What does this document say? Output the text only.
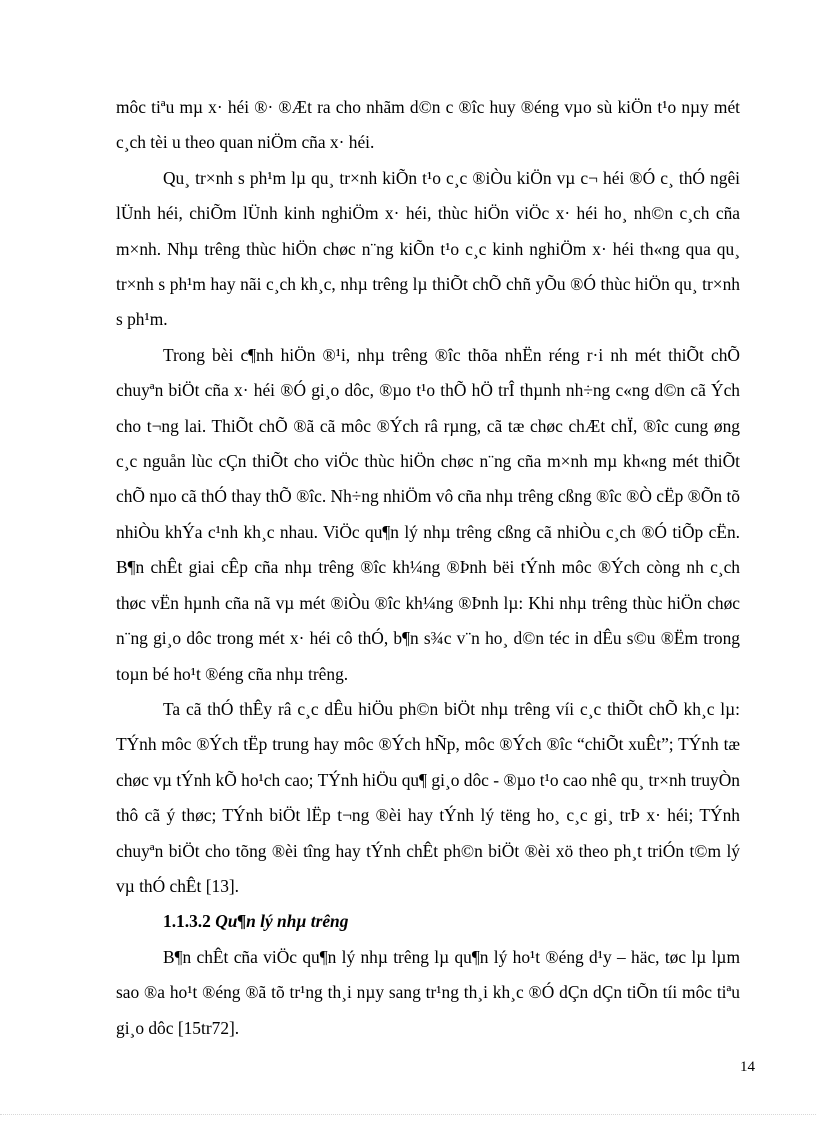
môc tiªu mµ x· héi ®· ®Æt ra cho nhãm d©n c ®îc huy ®éng vµo sù kiÖn t¹o nµy mét c¸ch tèi u theo quan niÖm cña x· héi.

Qu¸ tr×nh s ph¹m lµ qu¸ tr×nh kiÕn t¹o c¸c ®iÒu kiÖn vµ c¬ héi ®Ó c¸ thÓ ngêi lÜnh héi, chiÕm lÜnh kinh nghiÖm x· héi, thùc hiÖn viÖc x· héi ho¸ nh©n c¸ch cña m×nh. Nhµ trêng thùc hiÖn chøc n¨ng kiÕn t¹o c¸c kinh nghiÖm x· héi th«ng qua qu¸ tr×nh s ph¹m hay nãi c¸ch kh¸c, nhµ trêng lµ thiÕt chÕ chñ yÕu ®Ó thùc hiÖn qu¸ tr×nh s ph¹m.

Trong bèi c¶nh hiÖn ®¹i, nhµ trêng ®îc thõa nhËn réng r·i nh mét thiÕt chÕ chuyªn biÖt cña x· héi ®Ó gi¸o dôc, ®µo t¹o thÕ hÖ trÎ thµnh nh÷ng c«ng d©n cã Ých cho t¬ng lai. ThiÕt chÕ ®ã cã môc ®Ých râ rµng, cã tæ chøc chÆt chÏ, ®îc cung øng c¸c nguån lùc cÇn thiÕt cho viÖc thùc hiÖn chøc n¨ng cña m×nh mµ kh«ng mét thiÕt chÕ nµo cã thÓ thay thÕ ®îc. Nh÷ng nhiÖm vô cña nhµ trêng cßng ®îc ®Ò cËp ®Õn tõ nhiÒu khÝa c¹nh kh¸c nhau. ViÖc qu¶n lý nhµ trêng cßng cã nhiÒu c¸ch ®Ó tiÕp cËn. B¶n chÊt giai cÊp cña nhµ trêng ®îc kh¼ng ®Þnh bëi tÝnh môc ®Ých còng nh c¸ch thøc vËn hµnh cña nã vµ mét ®iÒu ®îc kh¼ng ®Þnh lµ: Khi nhµ trêng thùc hiÖn chøc n¨ng gi¸o dôc trong mét x· héi cô thÓ, b¶n s¾c v¨n ho¸ d©n téc in dÊu s©u ®Ëm trong toµn bé ho¹t ®éng cña nhµ trêng.

Ta cã thÓ thÊy râ c¸c dÊu hiÖu ph©n biÖt nhµ trêng víi c¸c thiÕt chÕ kh¸c lµ: TÝnh môc ®Ých tËp trung hay môc ®Ých hÑp, môc ®Ých ®îc “chiÕt xuÊt”; TÝnh tæ chøc vµ tÝnh kÕ ho¹ch cao; TÝnh hiÖu qu¶ gi¸o dôc - ®µo t¹o cao nhê qu¸ tr×nh truyÒn thô cã ý thøc; TÝnh biÖt lËp t¬ng ®èi hay tÝnh lý tëng ho¸ c¸c gi¸ trÞ x· héi; TÝnh chuyªn biÖt cho tõng ®èi tîng hay tÝnh chÊt ph©n biÖt ®èi xö theo ph¸t triÓn t©m lý vµ thÓ chÊt [13].

1.1.3.2 Qu¶n lý nhµ trêng

B¶n chÊt cña viÖc qu¶n lý nhµ trêng lµ qu¶n lý ho¹t ®éng d¹y – häc, tøc lµ lµm sao ®a ho¹t ®éng ®ã tõ tr¹ng th¸i nµy sang tr¹ng th¸i kh¸c ®Ó dÇn dÇn tiÕn tíi môc tiªu gi¸o dôc [15tr72].

14
